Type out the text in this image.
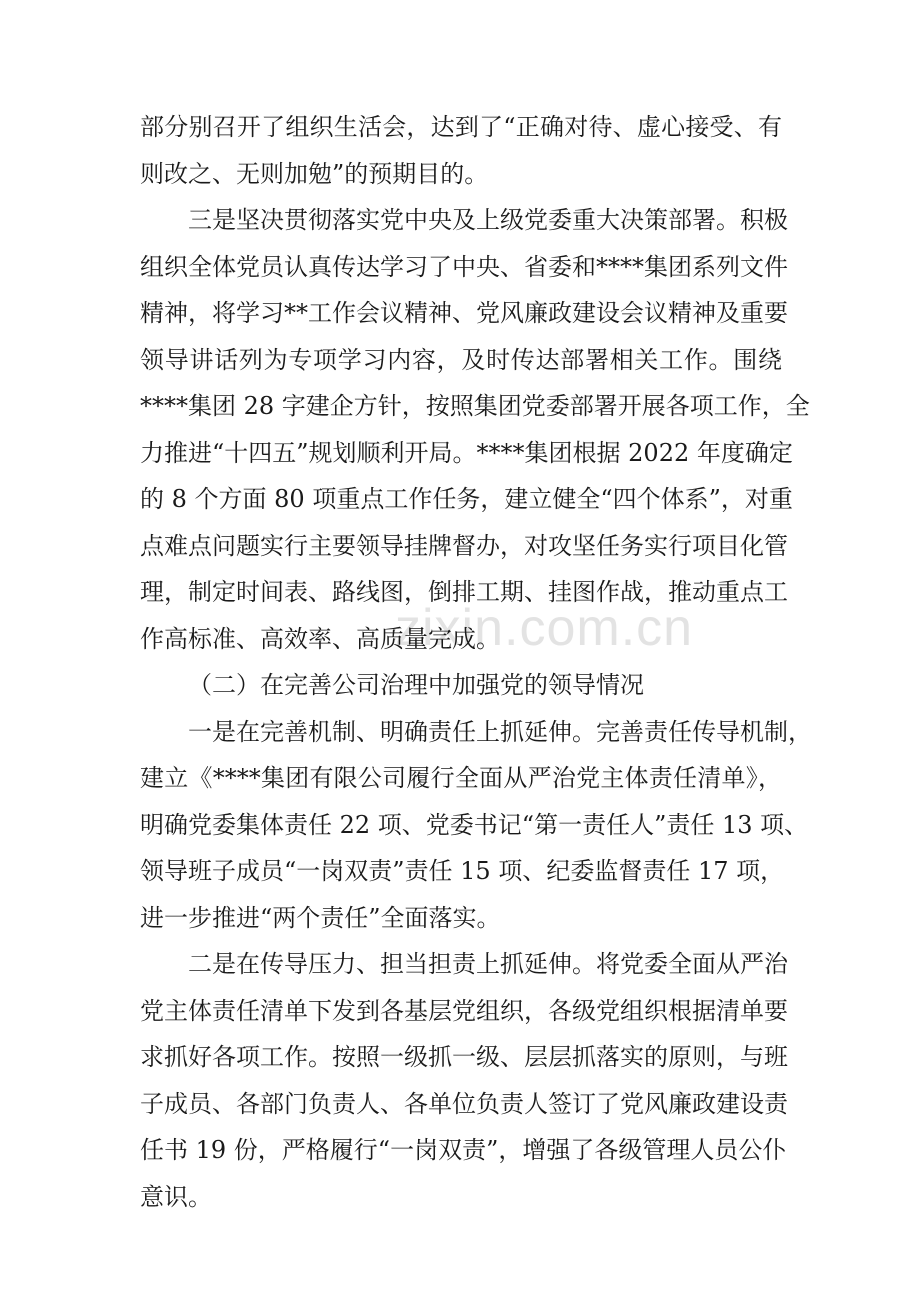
zixin.com.cn
部分别召开了组织生活会，达到了“正确对待、虚心接受、有
则改之、无则加勉”的预期目的。
三是坚决贯彻落实党中央及上级党委重大决策部署。积极
组织全体党员认真传达学习了中央、省委和****集团系列文件
精神，将学习**工作会议精神、党风廉政建设会议精神及重要
领导讲话列为专项学习内容，及时传达部署相关工作。围绕
****集团 28 字建企方针，按照集团党委部署开展各项工作，全
力推进“十四五”规划顺利开局。****集团根据 2022 年度确定
的 8 个方面 80 项重点工作任务，建立健全“四个体系”，对重
点难点问题实行主要领导挂牌督办，对攻坚任务实行项目化管
理，制定时间表、路线图，倒排工期、挂图作战，推动重点工
作高标准、高效率、高质量完成。
（二）在完善公司治理中加强党的领导情况
一是在完善机制、明确责任上抓延伸。完善责任传导机制，
建立《****集团有限公司履行全面从严治党主体责任清单》，
明确党委集体责任 22 项、党委书记“第一责任人”责任 13 项、
领导班子成员“一岗双责”责任 15 项、纪委监督责任 17 项，
进一步推进“两个责任”全面落实。
二是在传导压力、担当担责上抓延伸。将党委全面从严治
党主体责任清单下发到各基层党组织，各级党组织根据清单要
求抓好各项工作。按照一级抓一级、层层抓落实的原则，与班
子成员、各部门负责人、各单位负责人签订了党风廉政建设责
任书 19 份，严格履行“一岗双责”，增强了各级管理人员公仆
意识。
